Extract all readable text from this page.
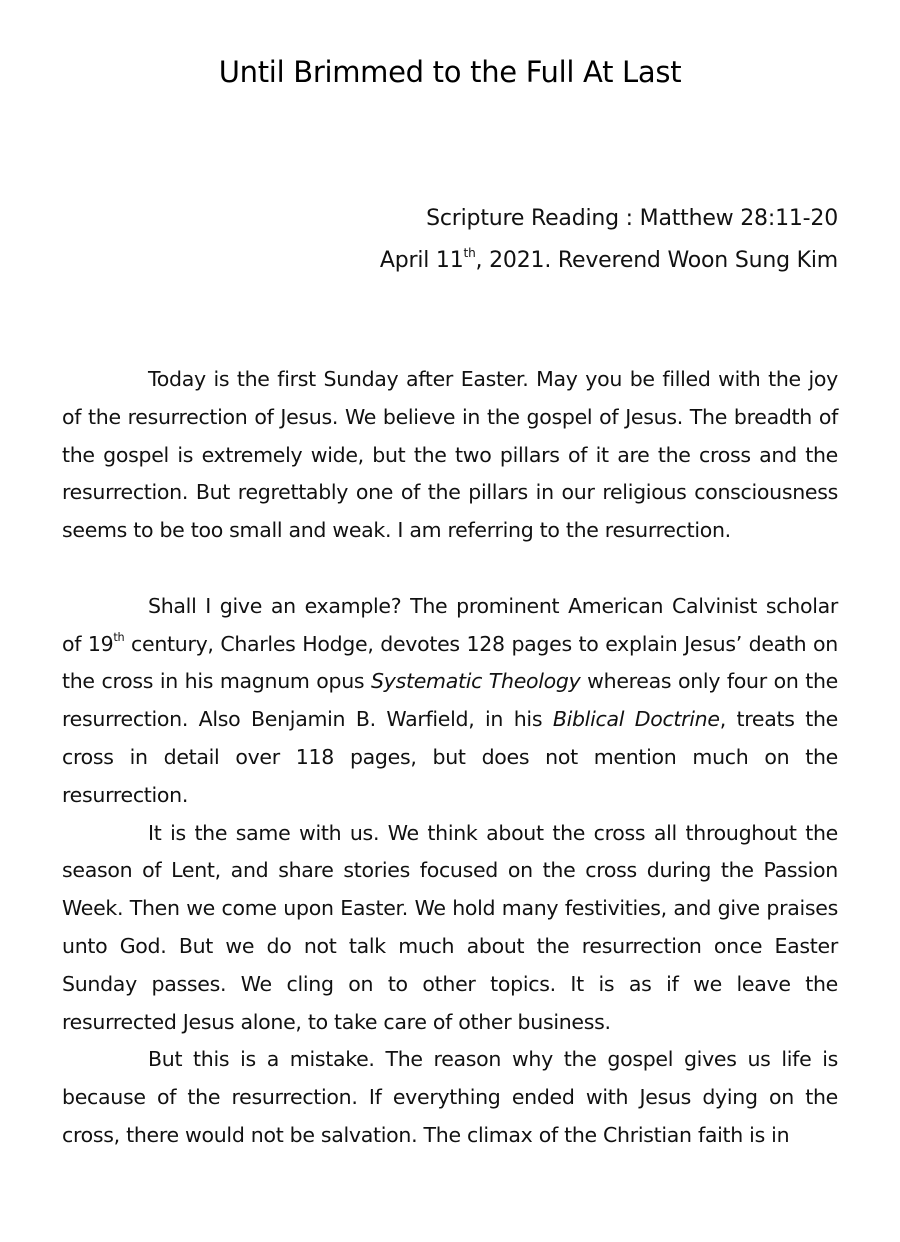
Until Brimmed to the Full At Last
Scripture Reading : Matthew 28:11-20
April 11th, 2021. Reverend Woon Sung Kim

Today is the first Sunday after Easter. May you be filled with the joy of the resurrection of Jesus. We believe in the gospel of Jesus. The breadth of the gospel is extremely wide, but the two pillars of it are the cross and the resurrection. But regrettably one of the pillars in our religious consciousness seems to be too small and weak. I am referring to the resurrection.

Shall I give an example? The prominent American Calvinist scholar of 19th century, Charles Hodge, devotes 128 pages to explain Jesus’ death on the cross in his magnum opus Systematic Theology whereas only four on the resurrection. Also Benjamin B. Warfield, in his Biblical Doctrine, treats the cross in detail over 118 pages, but does not mention much on the resurrection.

It is the same with us. We think about the cross all throughout the season of Lent, and share stories focused on the cross during the Passion Week. Then we come upon Easter. We hold many festivities, and give praises unto God. But we do not talk much about the resurrection once Easter Sunday passes. We cling on to other topics. It is as if we leave the resurrected Jesus alone, to take care of other business.

But this is a mistake. The reason why the gospel gives us life is because of the resurrection. If everything ended with Jesus dying on the cross, there would not be salvation. The climax of the Christian faith is in
